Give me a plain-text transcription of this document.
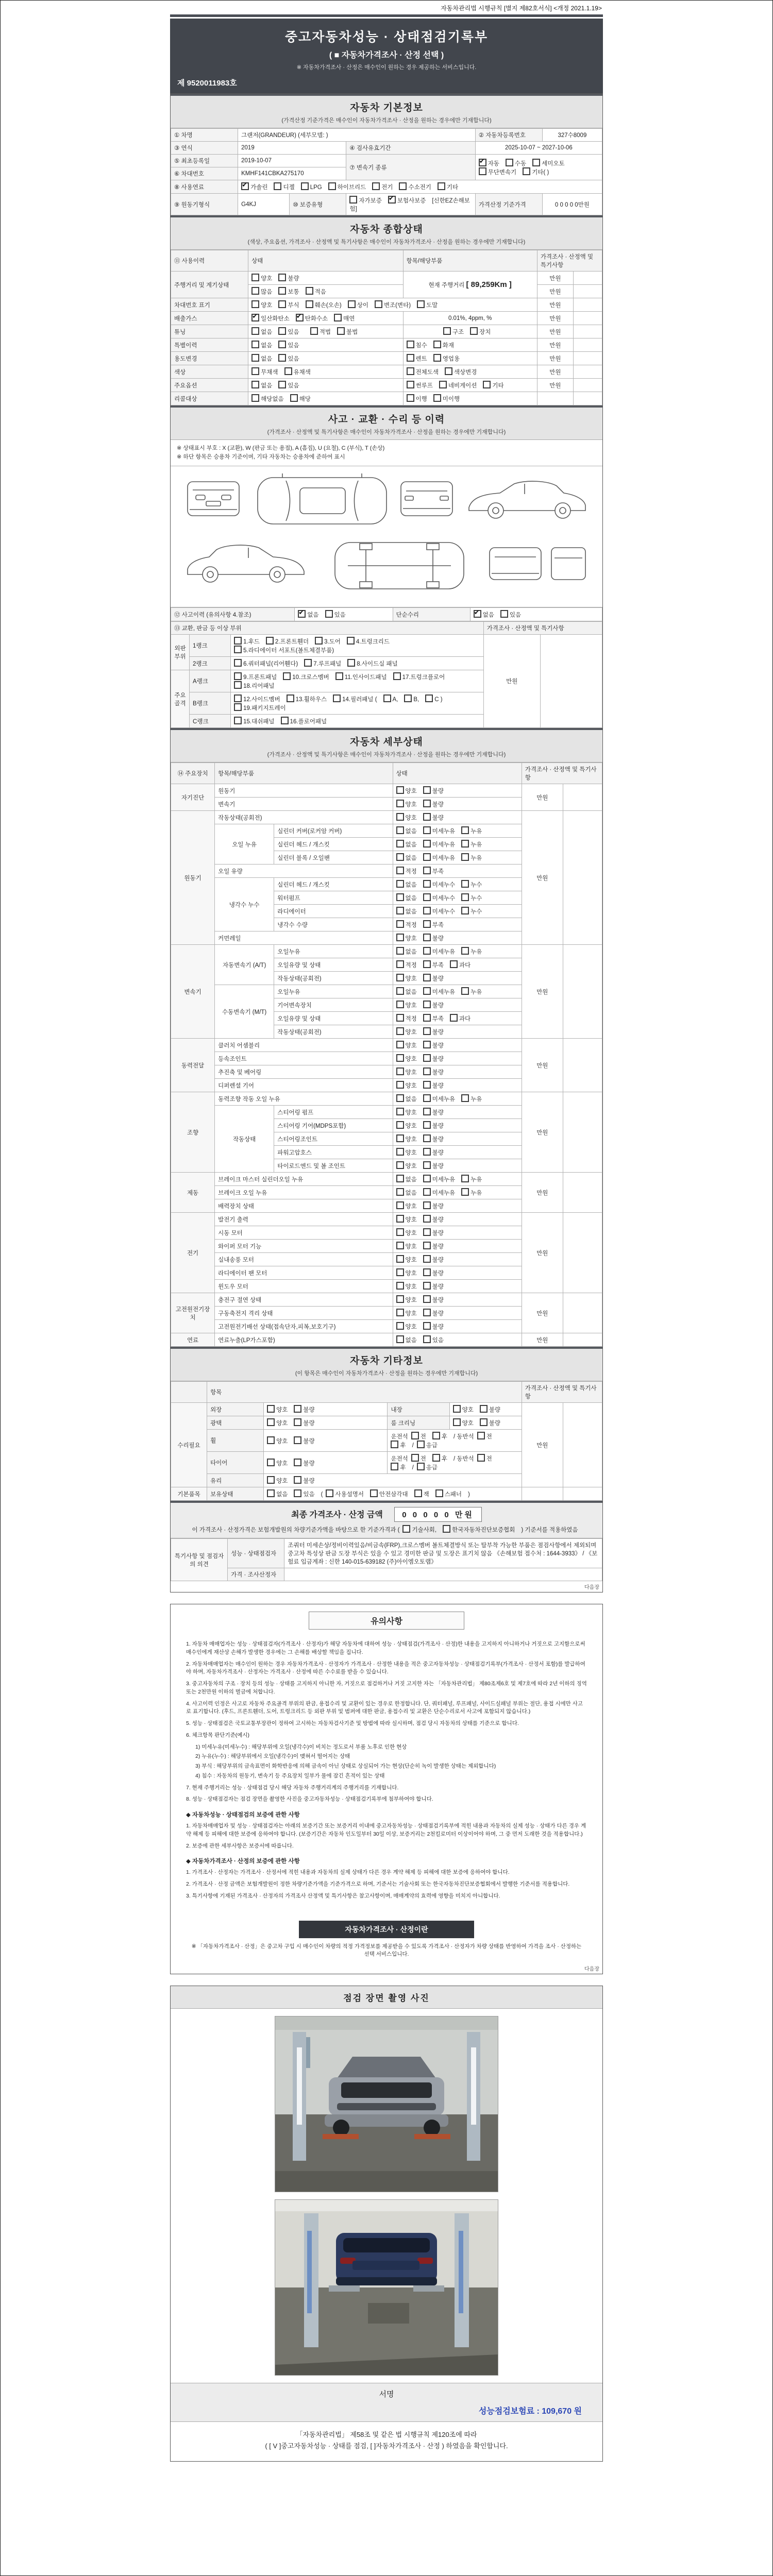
자동차관리법 시행규칙 [별지 제82호서식] <개정 2021.1.19>
중고자동차성능 · 상태점검기록부
( ■ 자동차가격조사 · 산정 선택 )
※ 자동차가격조사 · 산정은 매수인이 원하는 경우 제공하는 서비스입니다.
제 9520011983호
자동차 기본정보
(가격산정 기준가격은 매수인이 자동차가격조사 · 산정을 원하는 경우에만 기재합니다)
① 차명	그랜저(GRANDEUR) (세부모델: )			② 자동차등록번호	327수8009
③ 연식	2019		④ 검사유효기간	2025-10-07 ~ 2027-10-06	
⑤ 최초등록일	2019-10-07		⑦ 변속기 종류	✔자동 수동 세미오토무단변속기 기타( )
⑥ 차대번호	KMHF141CBKA275170				
⑧ 사용연료	✔가솔린 디젤 LPG 하이브리드 전기 수소전기 기타
⑨ 원동기형식	G4KJ	⑩ 보증유형	자가보증 ✔ 보험사보증 [신한EZ손해보험]	가격산정 기준가격	0 0 0 0 0만원
자동차 종합상태
(색상, 주요옵션, 가격조사 · 산정액 및 특기사항은 매수인이 자동차가격조사 · 산정을 원하는 경우에만 기재합니다)
⑪ 사용이력	상태	항목/해당부품	가격조사 · 산정액 및 특기사항	
주행거리 및 계기상태	양호 불량	현재 주행거리 [ 89,259Km ]	만원	
	많음 보통 적음		만원	
차대번호 표기	양호 부식 훼손(오손) 상이 변조(변타) 도말		만원	
배출가스	✔일산화탄소 ✔ 탄화수소 매연	0.01%, 4ppm, %	만원	
튜닝	없음 있음 적법 불법	구조 장치	만원	
특별이력	없음 있음	침수 화재	만원	
용도변경	없음 있음	렌트 영업용	만원	
색상	무채색 유채색	전체도색 색상변경	만원	
주요옵션	없음 있음	썬루프 네비게이션 기타	만원	
리콜대상	해당없음 해당	이행 미이행		
사고 · 교환 · 수리 등 이력
(가격조사 · 산정액 및 특기사항은 매수인이 자동차가격조사 · 산정을 원하는 경우에만 기재합니다)
※ 상태표시 부호 : X (교환), W (판금 또는 용접), A (흠집), U (요철), C (부식), T (손상)
※ 하단 항목은 승용차 기준이며, 기타 자동차는 승용차에 준하여 표시
⑫ 사고이력 (유의사항 4.참조)	✔없음	있음	단순수리	✔없음	있음
⑬ 교환, 판금 등 이상 부위			가격조사 · 산정액 및 특기사항	
외판 부위	1랭크	1.후드 2.프론트휀더 3.도어 4.트렁크리드5.라디에이터 서포트(볼트체결부품)	만원	
	2랭크	6.쿼터패널(리어휀다) 7.루프패널 8.사이드실 패널		
주요골격	A랭크	9.프론트패널 10.크로스멤버 11.인사이드패널 17.트렁크플로어18.리어패널		
	B랭크	12.사이드멤버 13.휠하우스 14.필러패널 ( A, B, C )19.패키지트레이		
	C랭크	15.대쉬패널 16.플로어패널		
자동차 세부상태
(가격조사 · 산정액 및 특기사항은 매수인이 자동차가격조사 · 산정을 원하는 경우에만 기재합니다)
⑭ 주요장치	항목/해당부품		상태	가격조사 · 산정액 및 특기사항	
자기진단	원동기		양호 불량	만원	
	변속기		양호 불량		
원동기	작동상태(공회전)		양호 불량	만원	
	오일 누유	실린더 커버(로커암 커버)	없음 미세누유 누유		
		실린더 헤드 / 개스킷	없음 미세누유 누유		
		실린더 블록 / 오일팬	없음 미세누유 누유		
	오일 유량		적정 부족		
	냉각수 누수	실린더 헤드 / 개스킷	없음 미세누수 누수		
		워터펌프	없음 미세누수 누수		
		라디에이터	없음 미세누수 누수		
		냉각수 수량	적정 부족		
	커먼레일		양호 불량		
변속기	자동변속기 (A/T)	오일누유	없음 미세누유 누유	만원	
		오일유량 및 상태	적정 부족 과다		
		작동상태(공회전)	양호 불량		
	수동변속기 (M/T)	오일누유	없음 미세누유 누유		
		기어변속장치	양호 불량		
		오일유량 및 상태	적정 부족 과다		
		작동상태(공회전)	양호 불량		
동력전달	클러치 어셈블리		양호 불량	만원	
	등속조인트		양호 불량		
	추진축 및 베어링		양호 불량		
	디퍼렌셜 기어		양호 불량		
조향	동력조향 작동 오일 누유		없음 미세누유 누유	만원	
	작동상태	스티어링 펌프	양호 불량		
		스티어링 기어(MDPS포함)	양호 불량		
		스티어링조인트	양호 불량		
		파워고압호스	양호 불량		
		타이로드엔드 및 볼 조인트	양호 불량		
제동	브레이크 마스터 실린더오일 누유		없음 미세누유 누유	만원	
	브레이크 오일 누유		없음 미세누유 누유		
	배력장치 상태		양호 불량		
전기	발전기 출력		양호 불량	만원	
	시동 모터		양호 불량		
	와이퍼 모터 기능		양호 불량		
	실내송풍 모터		양호 불량		
	라디에이터 팬 모터		양호 불량		
	윈도우 모터		양호 불량		
고전원전기장치	충전구 절연 상태		양호 불량	만원	
	구동축전지 격리 상태		양호 불량		
	고전원전기배선 상태(접속단자,피복,보호기구)		양호 불량		
연료	연료누출(LP가스포함)		없음 있음	만원	
자동차 기타정보
(이 항목은 매수인이 자동차가격조사 · 산정을 원하는 경우에만 기재합니다)
	항목				가격조사 · 산정액 및 특기사항	
수리필요	외장	양호 불량	내장	양호 불량	만원	
	광택	양호 불량	룸 크리닝	양호 불량		
	휠	양호 불량	운전석 전 후 / 동반석 전후 / 응급			
	타이어	양호 불량	운전석 전 후 / 동반석 전후 / 응급			
	유리	양호 불량				
기본품목	보유상태	없음 있음 ( 사용설명서 안전삼각대 잭 스패너 )				
최종 가격조사 · 산정 금액 0 0 0 0 0 만원
이 가격조사 · 산정가격은 보험개발원의 차량기준가액을 바탕으로 한 기준가격과 ( 기술사회,	한국자동차진단보증협회 ) 기준서를 적용하였음
특기사항 및 점검자의 의견	성능 · 상태점검자	조쿼터 미세손상/정비이력있음/비금속(FRP),크로스멤버 볼트체결방식 또는 탈부착 가능한 부품은 점검사항에서 제외되며 중고차 특성상 판금 도장 부식은 있을 수 있고 경미한 판금 및 도장은 표기치 않음 《손해보험 접수처 : 1644-3933》 / 《보험료 입금계좌 : 신한 140-015-639182 (주)아이엠오토랩》
	가격 · 조사산정자	
다음장
유의사항
1. 자동차 매매업자는 성능 · 상태점검자(가격조사 · 산정자)가 해당 자동차에 대하여 성능 · 상태점검(가격조사 · 산정)한 내용을 고지하지 아니하거나 거짓으로 고지함으로써 매수인에게 재산상 손해가 발생한 경우에는 그 손해를 배상할 책임을 집니다.
2. 자동차매매업자는 매수인이 원하는 경우 자동차가격조사 · 산정자가 가격조사 · 산정한 내용을 적은 중고자동차성능 · 상태점검기록부(가격조사 · 산정서 포함)를 발급하여야 하며, 자동차가격조사 · 산정자는 가격조사 · 산정에 따른 수수료를 받을 수 있습니다.
3. 중고자동차의 구조 · 장치 등의 성능 · 상태를 고지하지 아니한 자, 거짓으로 점검하거나 거짓 고지한 자는 「자동차관리법」 제80조제6호 및 제7호에 따라 2년 이하의 징역 또는 2천만원 이하의 벌금에 처합니다.
4. 사고이력 인정은 사고로 자동차 주요골격 부위의 판금, 용접수리 및 교환이 있는 경우로 한정합니다. 단, 쿼터패널, 루프패널, 사이드실패널 부위는 절단, 용접 시에만 사고로 표기합니다. (후드, 프론트휀더, 도어, 트렁크리드 등 외판 부위 및 범퍼에 대한 판금, 용접수리 및 교환은 단순수리로서 사고에 포함되지 않습니다.)
5. 성능 · 상태점검은 국토교통부장관이 정하여 고시하는 자동차검사기준 및 방법에 따라 실시하며, 점검 당시 자동차의 상태를 기준으로 합니다.
6. 체크항목 판단기준(예시)
1) 미세누유(미세누수) : 해당부위에 오일(냉각수)이 비치는 정도로서 부품 노후로 인한 현상
2) 누유(누수) : 해당부위에서 오일(냉각수)이 맺혀서 떨어지는 상태
3) 부식 : 해당부위의 금속표면이 화학반응에 의해 금속이 아닌 상태로 상실되어 가는 현상(단순히 녹이 발생한 상태는 제외합니다)
4) 침수 : 자동차의 원동기, 변속기 등 주요장치 일부가 물에 잠긴 흔적이 있는 상태
7. 현재 주행거리는 성능 · 상태점검 당시 해당 자동차 주행거리계의 주행거리를 기재합니다.
8. 성능 · 상태점검자는 점검 장면을 촬영한 사진을 중고자동차성능 · 상태점검기록부에 첨부하여야 합니다.
◆ 자동차성능 · 상태점검의 보증에 관한 사항
1. 자동차매매업자 및 성능 · 상태점검자는 아래의 보증기간 또는 보증거리 이내에 중고자동차성능 · 상태점검기록부에 적힌 내용과 자동차의 실제 성능 · 상태가 다른 경우 계약 해제 등 피해에 대한 보증에 응하여야 합니다. (보증기간은 자동차 인도일부터 30일 이상, 보증거리는 2천킬로미터 이상이어야 하며, 그 중 먼저 도래한 것을 적용합니다.)
2. 보증에 관한 세부사항은 보증서에 따릅니다.
◆ 자동차가격조사 · 산정의 보증에 관한 사항
1. 가격조사 · 산정자는 가격조사 · 산정서에 적힌 내용과 자동차의 실제 상태가 다른 경우 계약 해제 등 피해에 대한 보증에 응하여야 합니다.
2. 가격조사 · 산정 금액은 보험개발원이 정한 차량기준가액을 기준가격으로 하며, 기준서는 기술사회 또는 한국자동차진단보증협회에서 발행한 기준서를 적용합니다.
3. 특기사항에 기재된 가격조사 · 산정자의 가격조사 산정액 및 특기사항은 참고사항이며, 매매계약의 효력에 영향을 미치지 아니합니다.
자동차가격조사 · 산정이란
※ 「자동차가격조사 · 산정」은 중고차 구입 시 매수인이 차량의 적정 가격정보를 제공받을 수 있도록 가격조사 · 산정자가 차량 상태를 반영하여 가격을 조사 · 산정하는 선택 서비스입니다.
다음장
점검 장면 촬영 사진
서명
성능점검보험료 : 109,670 원
「자동차관리법」 제58조 및 같은 법 시행규칙 제120조에 따라
( [ V ]중고자동차성능 · 상태를 점검, [ ]자동차가격조사 · 산정 ) 하였음을 확인합니다.
